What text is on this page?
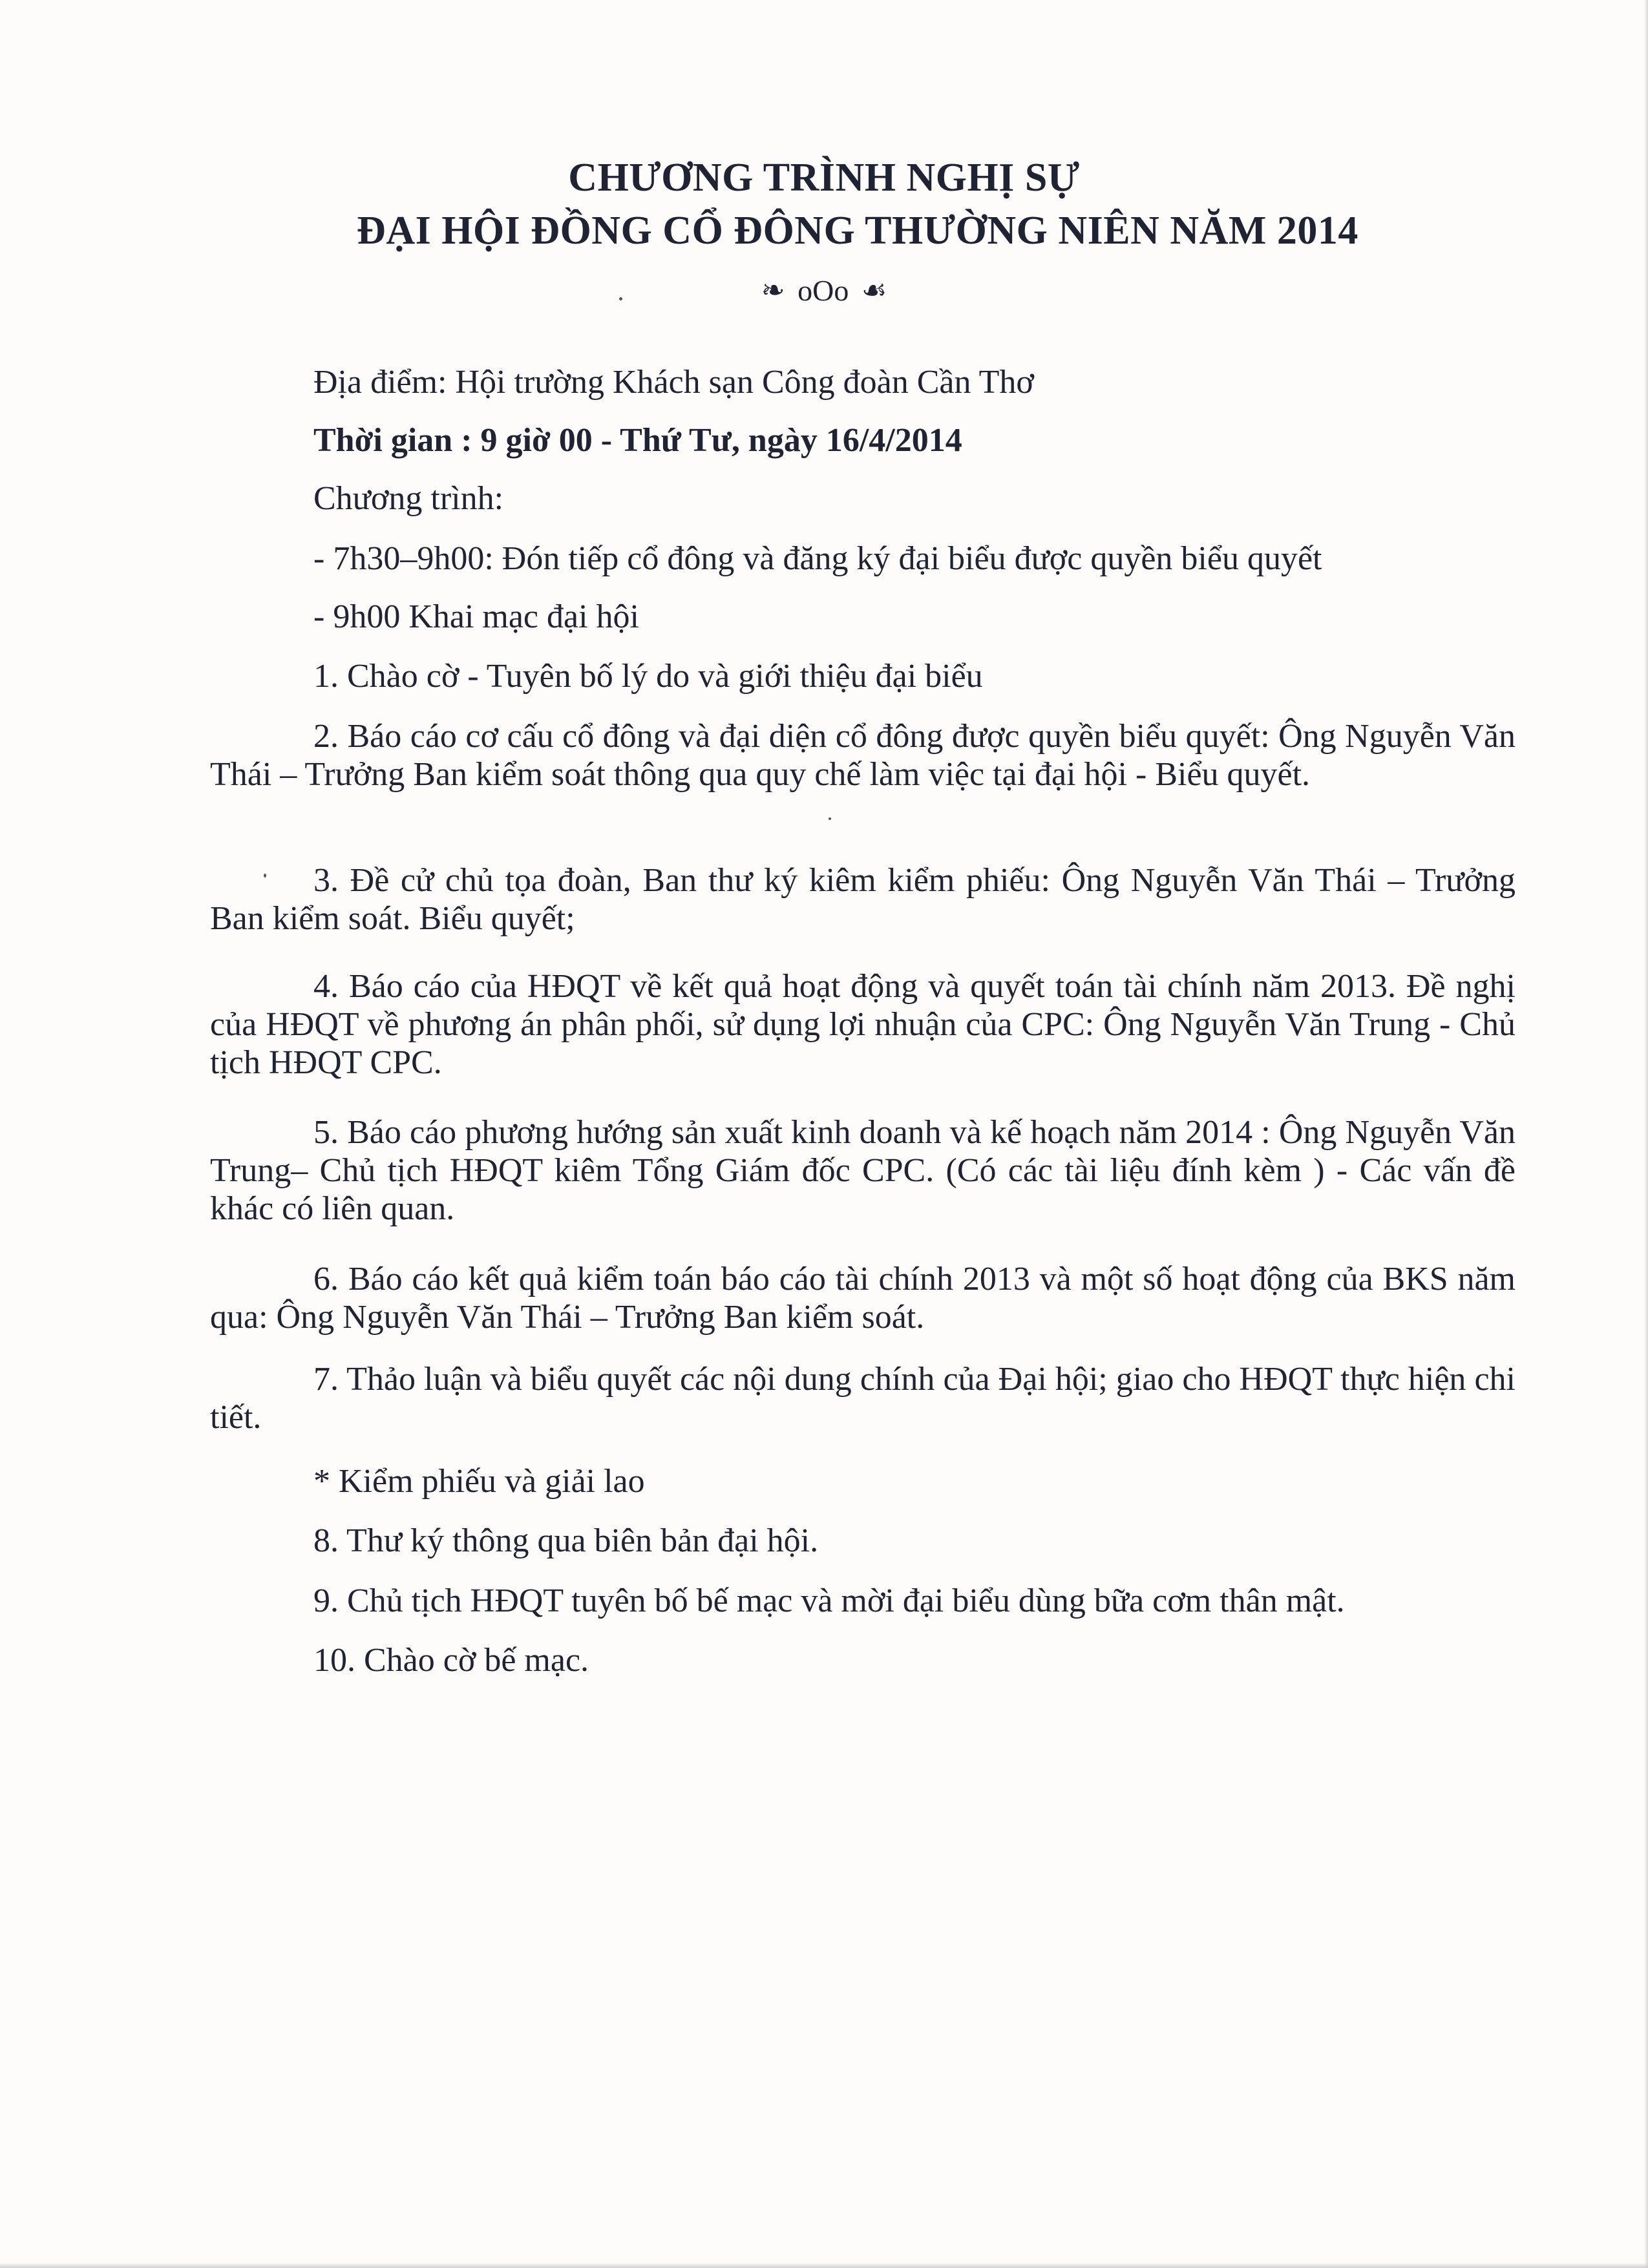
CHƯƠNG TRÌNH NGHỊ SỰ
ĐẠI HỘI ĐỒNG CỔ ĐÔNG THƯỜNG NIÊN NĂM 2014
❧ oOo ☙
Địa điểm: Hội trường Khách sạn Công đoàn Cần Thơ
Thời gian : 9 giờ 00 - Thứ Tư, ngày 16/4/2014
Chương trình:
- 7h30–9h00: Đón tiếp cổ đông và đăng ký đại biểu được quyền biểu quyết
- 9h00 Khai mạc đại hội
1. Chào cờ - Tuyên bố lý do và giới thiệu đại biểu
2. Báo cáo cơ cấu cổ đông và đại diện cổ đông được quyền biểu quyết: Ông Nguyễn Văn Thái – Trưởng Ban kiểm soát thông qua quy chế làm việc tại đại hội - Biểu quyết.
3. Đề cử chủ tọa đoàn, Ban thư ký kiêm kiểm phiếu: Ông Nguyễn Văn Thái – Trưởng Ban kiểm soát. Biểu quyết;
4. Báo cáo của HĐQT về kết quả hoạt động và quyết toán tài chính năm 2013. Đề nghị của HĐQT về phương án phân phối, sử dụng lợi nhuận của CPC: Ông Nguyễn Văn Trung - Chủ tịch HĐQT CPC.
5. Báo cáo phương hướng sản xuất kinh doanh và kế hoạch năm 2014 : Ông Nguyễn Văn Trung– Chủ tịch HĐQT kiêm Tổng Giám đốc CPC. (Có các tài liệu đính kèm ) - Các vấn đề khác có liên quan.
6. Báo cáo kết quả kiểm toán báo cáo tài chính 2013 và một số hoạt động của BKS năm qua: Ông Nguyễn Văn Thái – Trưởng Ban kiểm soát.
7. Thảo luận và biểu quyết các nội dung chính của Đại hội; giao cho HĐQT thực hiện chi tiết.
* Kiểm phiếu và giải lao
8. Thư ký thông qua biên bản đại hội.
9. Chủ tịch HĐQT tuyên bố bế mạc và mời đại biểu dùng bữa cơm thân mật.
10. Chào cờ bế mạc.
